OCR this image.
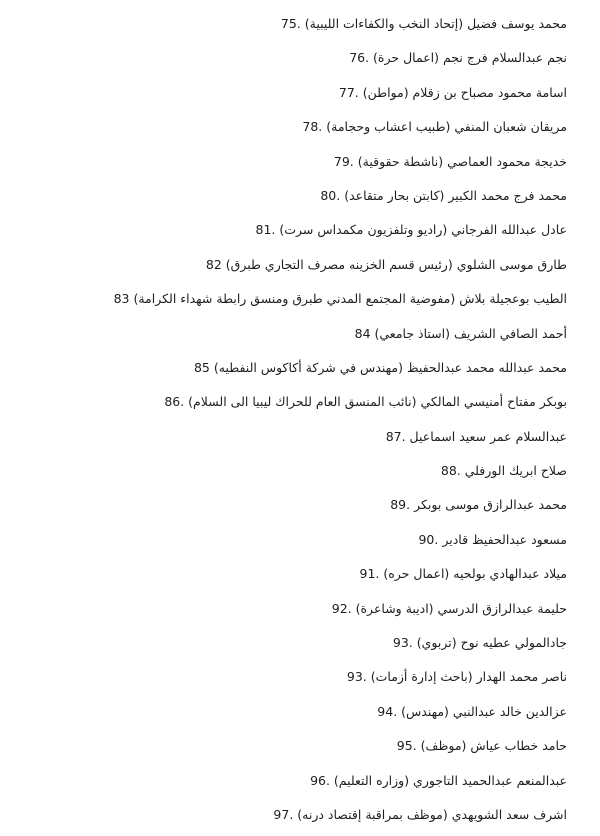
محمد يوسف فضيل (إتحاد النخب والكفاءات الليبية) .75
نجم عبدالسلام فرج نجم (اعمال حرة) .76
اسامة محمود مصباح بن زقلام (مواطن) .77
مريقان شعبان المنفي (طبيب اعشاب وحجامة) .78
خديجة محمود العماصي (ناشطة حقوقية) .79
محمد فرج محمد الكبير (كابتن بحار متقاعد) .80
عادل عبدالله الفرجاني (راديو وتلفزيون مكمداس سرت) .81
طارق موسى الشلوي (رئيس قسم الخزينه مصرف التجاري طبرق) 82
الطيب بوعجيلة بلاش (مفوضية المجتمع المدني طبرق ومنسق رابطة شهداء الكرامة) 83
أحمد الصافي الشريف (استاذ جامعي) 84
محمد عبدالله محمد عبدالحفيظ (مهندس في شركة أكاكوس النفطيه) 85
بوبكر مفتاح أمنيسي المالكي (نائب المنسق العام للحراك ليبيا الى السلام) .86
عبدالسلام عمر سعيد اسماعيل .87
صلاح ابريك الورفلي .88
محمد عبدالرازق موسى بوبكر .89
مسعود عبدالحفيظ قادير .90
ميلاد عبدالهادي بولحيه (اعمال حره) .91
حليمة عبدالرازق الدرسي (اديبة وشاعرة) .92
جادالمولي عطيه نوح (تربوي) .93
ناصر محمد الهدار (باحث إدارة أزمات) .93
عزالدين خالد عبدالنبي (مهندس) .94
حامد خطاب عياش (موظف) .95
عبدالمنعم عبدالحميد التاجوري (وزاره التعليم) .96
اشرف سعد الشويهدي (موظف بمراقبة إقتصاد درنه) .97
